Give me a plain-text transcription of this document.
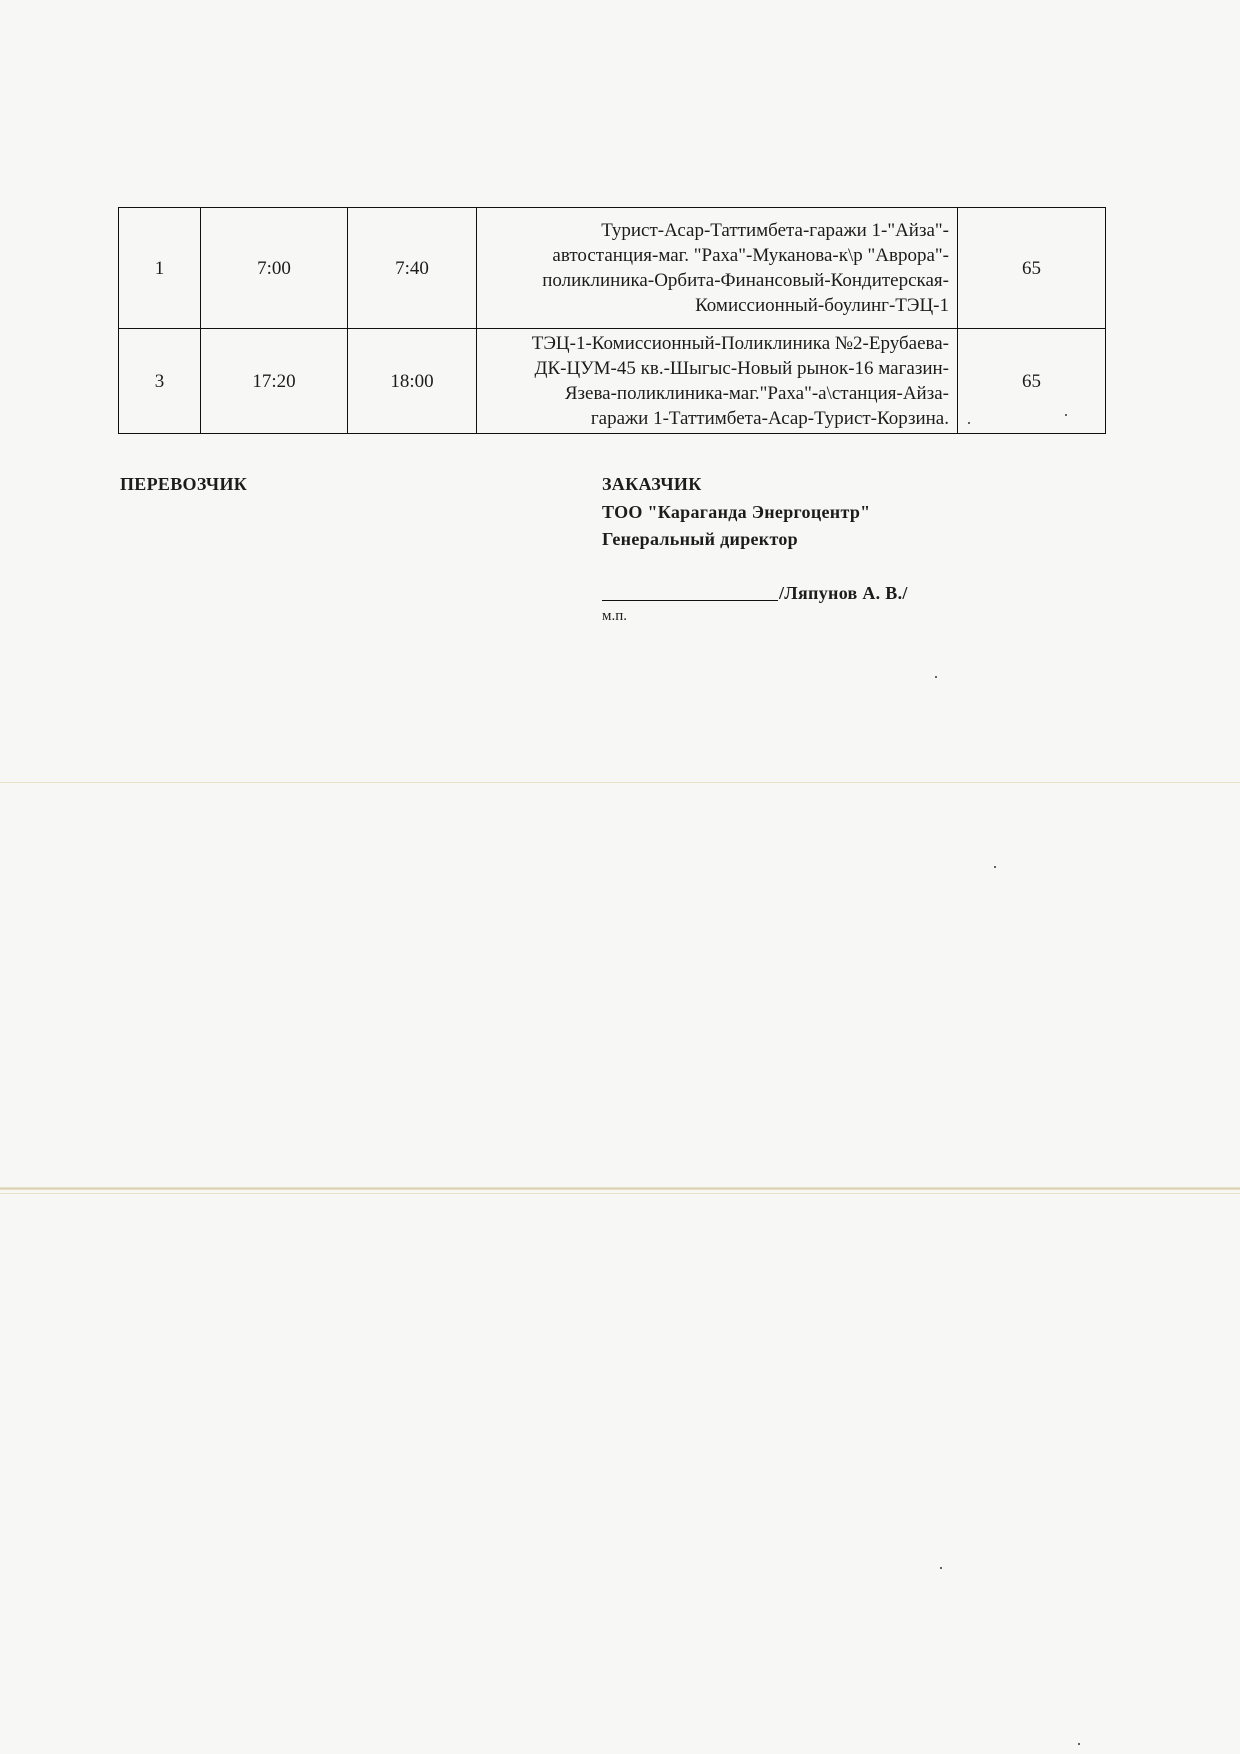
1	7:00	7:40	Турист-Асар-Таттимбета-гаражи 1-"Айза"-
автостанция-маг. "Раха"-Муканова-к\р "Аврора"-
поликлиника-Орбита-Финансовый-Кондитерская-
Комиссионный-боулинг-ТЭЦ-1	65
3	17:20	18:00	ТЭЦ-1-Комиссионный-Поликлиника №2-Ерубаева-
ДК-ЦУМ-45 кв.-Шыгыс-Новый рынок-16 магазин-
Язева-поликлиника-маг."Раха"-а\станция-Айза-
гаражи 1-Таттимбета-Асар-Турист-Корзина.	65
ПЕРЕВОЗЧИК	ЗАКАЗЧИК
ТОО "Караганда Энергоцентр"
Генеральный директор
/Ляпунов А. В./
м.п.
